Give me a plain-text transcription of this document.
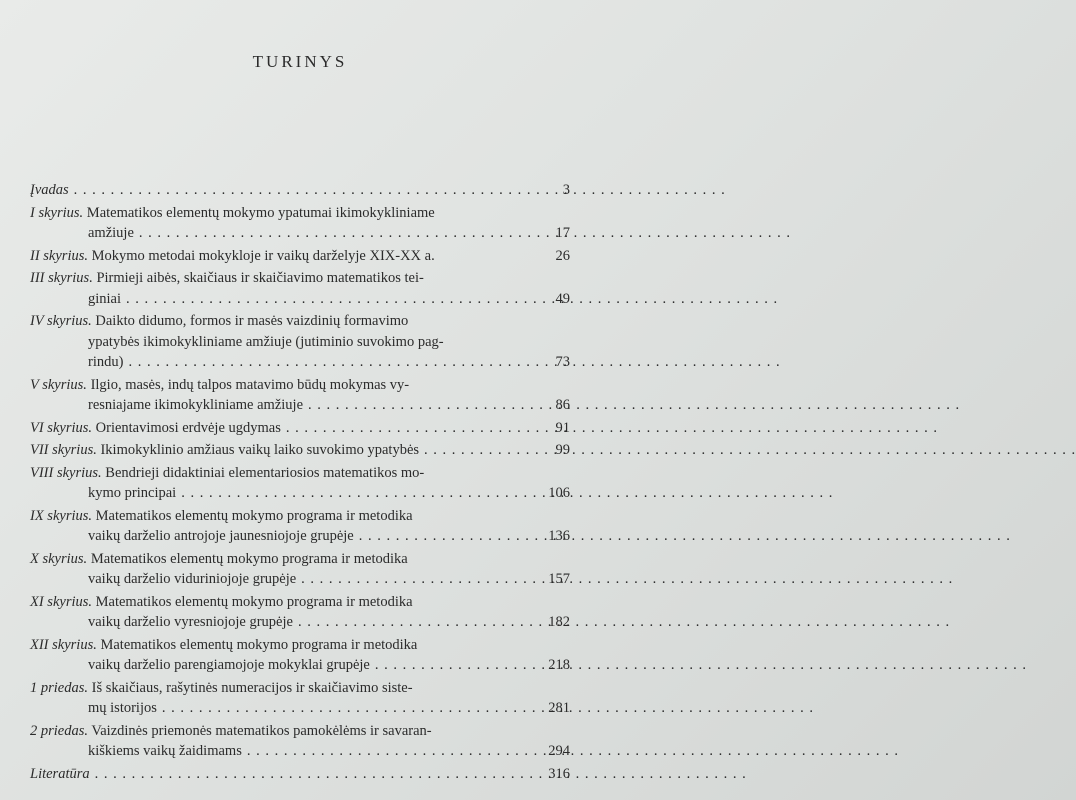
TURINYS
Įvadas . . .	3
I skyrius. Matematikos elementų mokymo ypatumai ikimokykliniame
amžiuje . . .	17
II skyrius. Mokymo metodai mokykloje ir vaikų darželyje XIX-XX a.	26
III skyrius. Pirmieji aibės, skaičiaus ir skaičiavimo matematikos tei-
giniai . . .	49
IV skyrius. Daikto didumo, formos ir masės vaizdinių formavimo
ypatybės ikimokykliniame amžiuje (jutiminio suvokimo pag-
rindu) . . .	73
V skyrius. Ilgio, masės, indų talpos matavimo būdų mokymas vy-
resniajame ikimokykliniame amžiuje . . .	86
VI skyrius. Orientavimosi erdvėje ugdymas . . .	91
VII skyrius. Ikimokyklinio amžiaus vaikų laiko suvokimo ypatybės . . .	99
VIII skyrius. Bendrieji didaktiniai elementariosios matematikos mo-
kymo principai . . .	106
IX skyrius. Matematikos elementų mokymo programa ir metodika
vaikų darželio antrojoje jaunesniojoje grupėje . . .	136
X skyrius. Matematikos elementų mokymo programa ir metodika
vaikų darželio viduriniojoje grupėje . . .	157
XI skyrius. Matematikos elementų mokymo programa ir metodika
vaikų darželio vyresniojoje grupėje . . .	182
XII skyrius. Matematikos elementų mokymo programa ir metodika
vaikų darželio parengiamojoje mokyklai grupėje . . .	218
1 priedas. Iš skaičiaus, rašytinės numeracijos ir skaičiavimo siste-
mų istorijos . . .	281
2 priedas. Vaizdinės priemonės matematikos pamokėlėms ir savaran-
kiškiems vaikų žaidimams . . .	294
Literatūra . . .	316
